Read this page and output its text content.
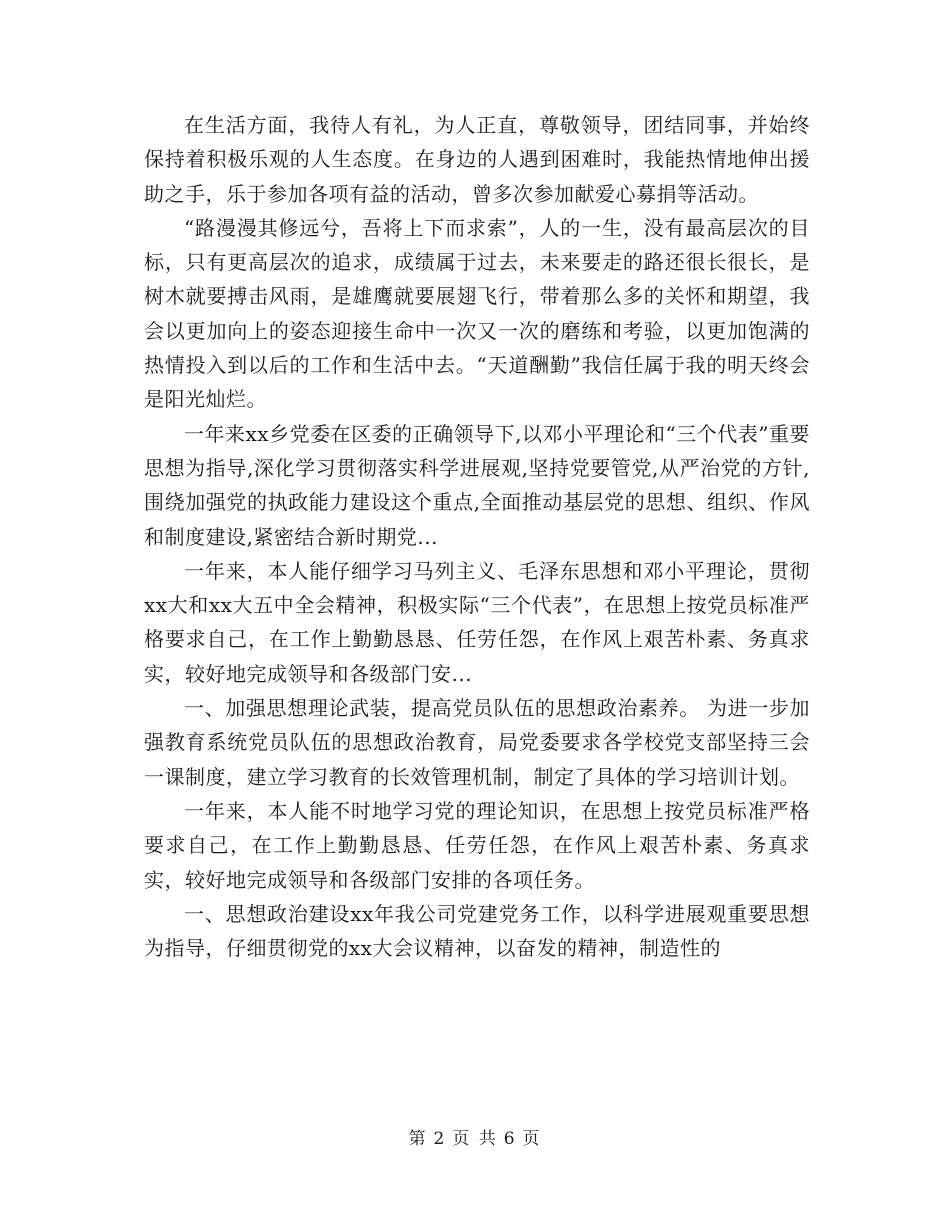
在生活方面，我待人有礼，为人正直，尊敬领导，团结同事，并始终保持着积极乐观的人生态度。在身边的人遇到困难时，我能热情地伸出援助之手，乐于参加各项有益的活动，曾多次参加献爱心募捐等活动。

“路漫漫其修远兮，吾将上下而求索”，人的一生，没有最高层次的目标，只有更高层次的追求，成绩属于过去，未来要走的路还很长很长，是树木就要搏击风雨，是雄鹰就要展翅飞行，带着那么多的关怀和期望，我会以更加向上的姿态迎接生命中一次又一次的磨练和考验，以更加饱满的热情投入到以后的工作和生活中去。“天道酬勤”我信任属于我的明天终会是阳光灿烂。

一年来xx乡党委在区委的正确领导下,以邓小平理论和“三个代表”重要思想为指导,深化学习贯彻落实科学进展观,坚持党要管党,从严治党的方针,围绕加强党的执政能力建设这个重点,全面推动基层党的思想、组织、作风和制度建设,紧密结合新时期党...

一年来，本人能仔细学习马列主义、毛泽东思想和邓小平理论，贯彻xx大和xx大五中全会精神，积极实际“三个代表”，在思想上按党员标准严格要求自己，在工作上勤勤恳恳、任劳任怨，在作风上艰苦朴素、务真求实，较好地完成领导和各级部门安...

一、加强思想理论武装，提高党员队伍的思想政治素养。 为进一步加强教育系统党员队伍的思想政治教育，局党委要求各学校党支部坚持三会一课制度，建立学习教育的长效管理机制，制定了具体的学习培训计划。

一年来，本人能不时地学习党的理论知识，在思想上按党员标准严格要求自己，在工作上勤勤恳恳、任劳任怨，在作风上艰苦朴素、务真求实，较好地完成领导和各级部门安排的各项任务。

一、思想政治建设xx年我公司党建党务工作，以科学进展观重要思想为指导，仔细贯彻党的xx大会议精神，以奋发的精神，制造性的

第 2 页 共 6 页
